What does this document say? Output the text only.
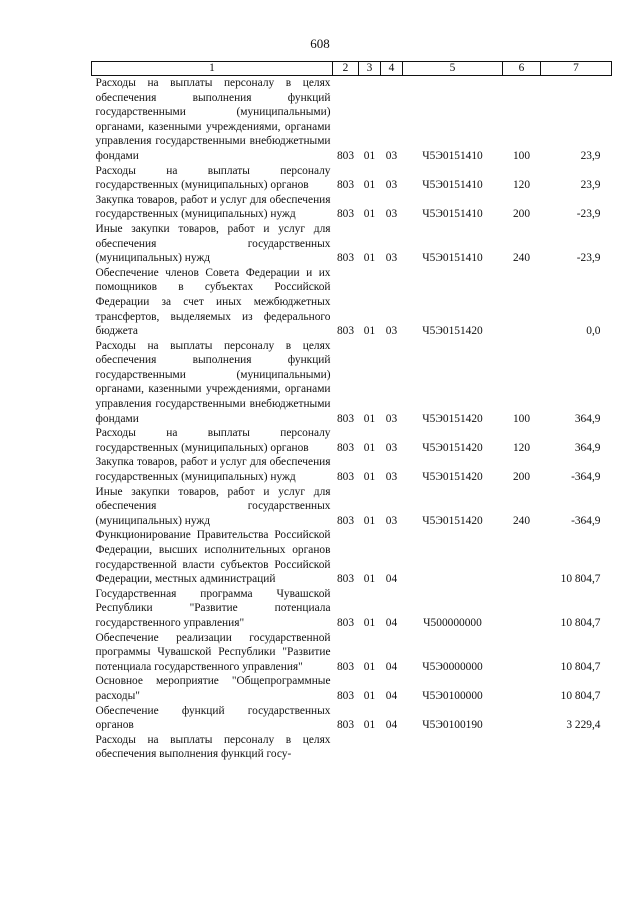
608
1	2	3	4	5	6	7
Расходы на выплаты персоналу в целях обеспечения выполнения функций государственными (муниципальными) органами, казенными учреждениями, органами управления государственными внебюджетными фондами	803	01	03	Ч5Э0151410	100	23,9
Расходы на выплаты персоналу государственных (муниципальных) органов	803	01	03	Ч5Э0151410	120	23,9
Закупка товаров, работ и услуг для обеспечения государственных (муниципальных) нужд	803	01	03	Ч5Э0151410	200	-23,9
Иные закупки товаров, работ и услуг для обеспечения государственных (муниципальных) нужд	803	01	03	Ч5Э0151410	240	-23,9
Обеспечение членов Совета Федерации и их помощников в субъектах Российской Федерации за счет иных межбюджетных трансфертов, выделяемых из федерального бюджета	803	01	03	Ч5Э0151420		0,0
Расходы на выплаты персоналу в целях обеспечения выполнения функций государственными (муниципальными) органами, казенными учреждениями, органами управления государственными внебюджетными фондами	803	01	03	Ч5Э0151420	100	364,9
Расходы на выплаты персоналу государственных (муниципальных) органов	803	01	03	Ч5Э0151420	120	364,9
Закупка товаров, работ и услуг для обеспечения государственных (муниципальных) нужд	803	01	03	Ч5Э0151420	200	-364,9
Иные закупки товаров, работ и услуг для обеспечения государственных (муниципальных) нужд	803	01	03	Ч5Э0151420	240	-364,9
Функционирование Правительства Российской Федерации, высших исполнительных органов государственной власти субъектов Российской Федерации, местных администраций	803	01	04			10 804,7
Государственная программа Чувашской Республики "Развитие потенциала государственного управления"	803	01	04	Ч500000000		10 804,7
Обеспечение реализации государственной программы Чувашской Республики "Развитие потенциала государственного управления"	803	01	04	Ч5Э0000000		10 804,7
Основное мероприятие "Общепрограммные расходы"	803	01	04	Ч5Э0100000		10 804,7
Обеспечение функций государственных органов	803	01	04	Ч5Э0100190		3 229,4
Расходы на выплаты персоналу в целях обеспечения выполнения функций госу-						
